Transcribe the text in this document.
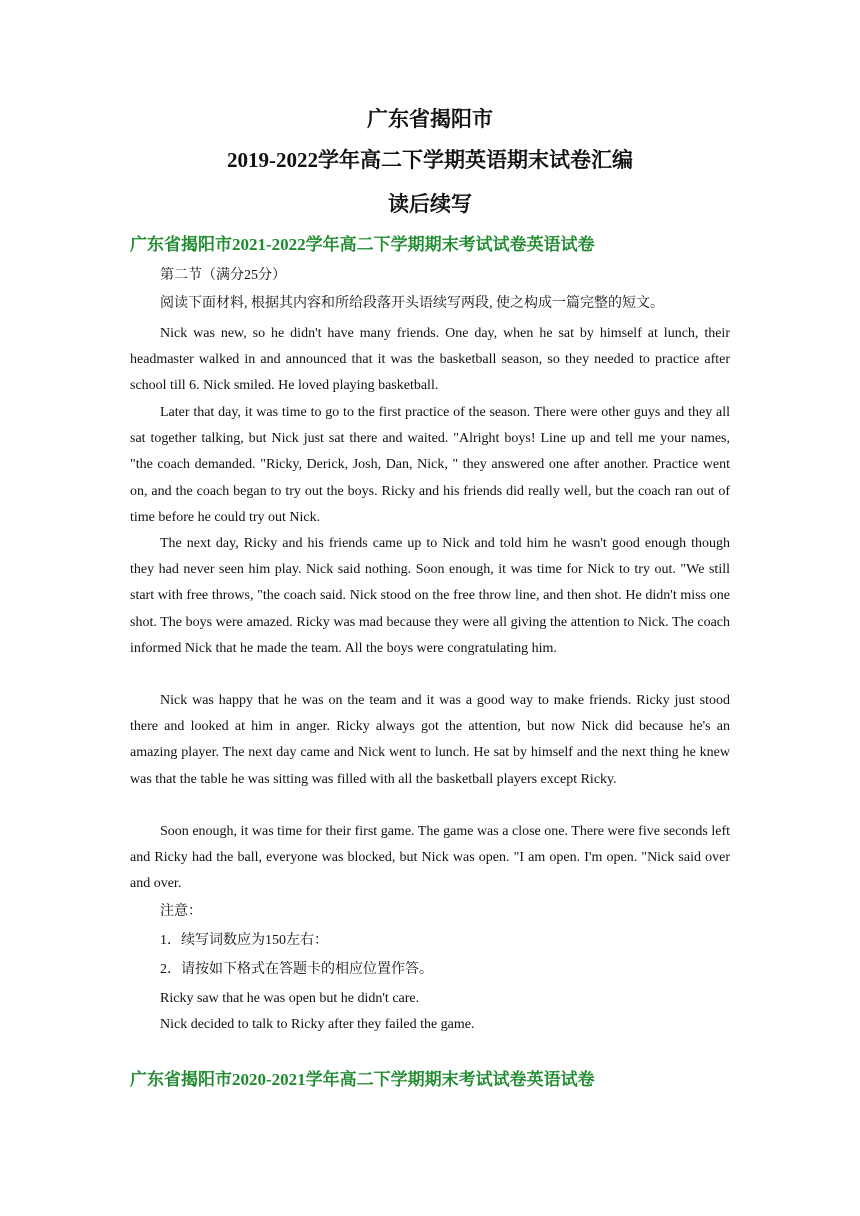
广东省揭阳市
2019-2022学年高二下学期英语期末试卷汇编
读后续写
广东省揭阳市2021-2022学年高二下学期期末考试试卷英语试卷

第二节（满分25分）

阅读下面材料, 根据其内容和所给段落开头语续写两段, 使之构成一篇完整的短文。

Nick was new, so he didn't have many friends. One day, when he sat by himself at lunch, their headmaster walked in and announced that it was the basketball season, so they needed to practice after school till 6. Nick smiled. He loved playing basketball.

Later that day, it was time to go to the first practice of the season. There were other guys and they all sat together talking, but Nick just sat there and waited. "Alright boys! Line up and tell me your names, "the coach demanded. "Ricky, Derick, Josh, Dan, Nick, " they answered one after another. Practice went on, and the coach began to try out the boys. Ricky and his friends did really well, but the coach ran out of time before he could try out Nick.

The next day, Ricky and his friends came up to Nick and told him he wasn't good enough though they had never seen him play. Nick said nothing. Soon enough, it was time for Nick to try out. "We still start with free throws, "the coach said. Nick stood on the free throw line, and then shot. He didn't miss one shot. The boys were amazed. Ricky was mad because they were all giving the attention to Nick. The coach informed Nick that he made the team. All the boys were congratulating him.

Nick was happy that he was on the team and it was a good way to make friends. Ricky just stood there and looked at him in anger. Ricky always got the attention, but now Nick did because he's an amazing player. The next day came and Nick went to lunch. He sat by himself and the next thing he knew was that the table he was sitting was filled with all the basketball players except Ricky.

Soon enough, it was time for their first game. The game was a close one. There were five seconds left and Ricky had the ball, everyone was blocked, but Nick was open. "I am open. I'm open. "Nick said over and over.

注意：

1．续写词数应为150左右：

2．请按如下格式在答题卡的相应位置作答。

Ricky saw that he was open but he didn't care.

Nick decided to talk to Ricky after they failed the game.

广东省揭阳市2020-2021学年高二下学期期末考试试卷英语试卷
